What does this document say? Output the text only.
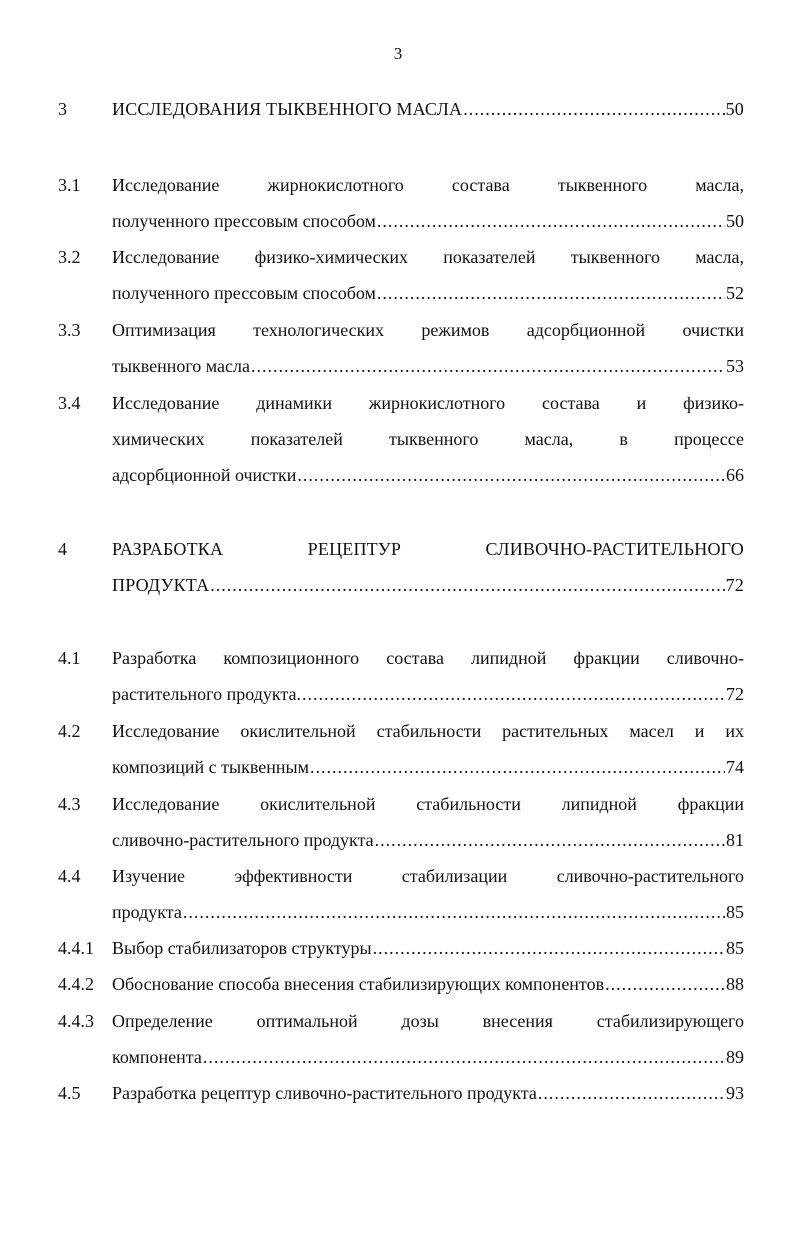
3
3	ИССЛЕДОВАНИЯ ТЫКВЕННОГО МАСЛА .....	50
3.1	Исследование жирнокислотного состава тыквенного масла,
полученного прессовым способом .....	50
3.2	Исследование физико-химических показателей тыквенного масла,
полученного прессовым способом .....	52
3.3	Оптимизация технологических режимов адсорбционной очистки
тыквенного масла .....	53
3.4	Исследование динамики жирнокислотного состава и физико-
химических показателей тыквенного масла, в процессе
адсорбционной очистки .....	66
4	РАЗРАБОТКА РЕЦЕПТУР СЛИВОЧНО-РАСТИТЕЛЬНОГО
ПРОДУКТА .....	72
4.1	Разработка композиционного состава липидной фракции сливочно-
растительного продукта. .....	72
4.2	Исследование окислительной стабильности растительных масел и их
композиций с тыквенным .....	74
4.3	Исследование окислительной стабильности липидной фракции
сливочно-растительного продукта .....	81
4.4	Изучение эффективности стабилизации сливочно-растительного
продукта .....	85
4.4.1	Выбор стабилизаторов структуры .....	85
4.4.2	Обоснование способа внесения стабилизирующих компонентов .....	88
4.4.3	Определение оптимальной дозы внесения стабилизирующего
компонента .....	89
4.5	Разработка рецептур сливочно-растительного продукта .....	93
